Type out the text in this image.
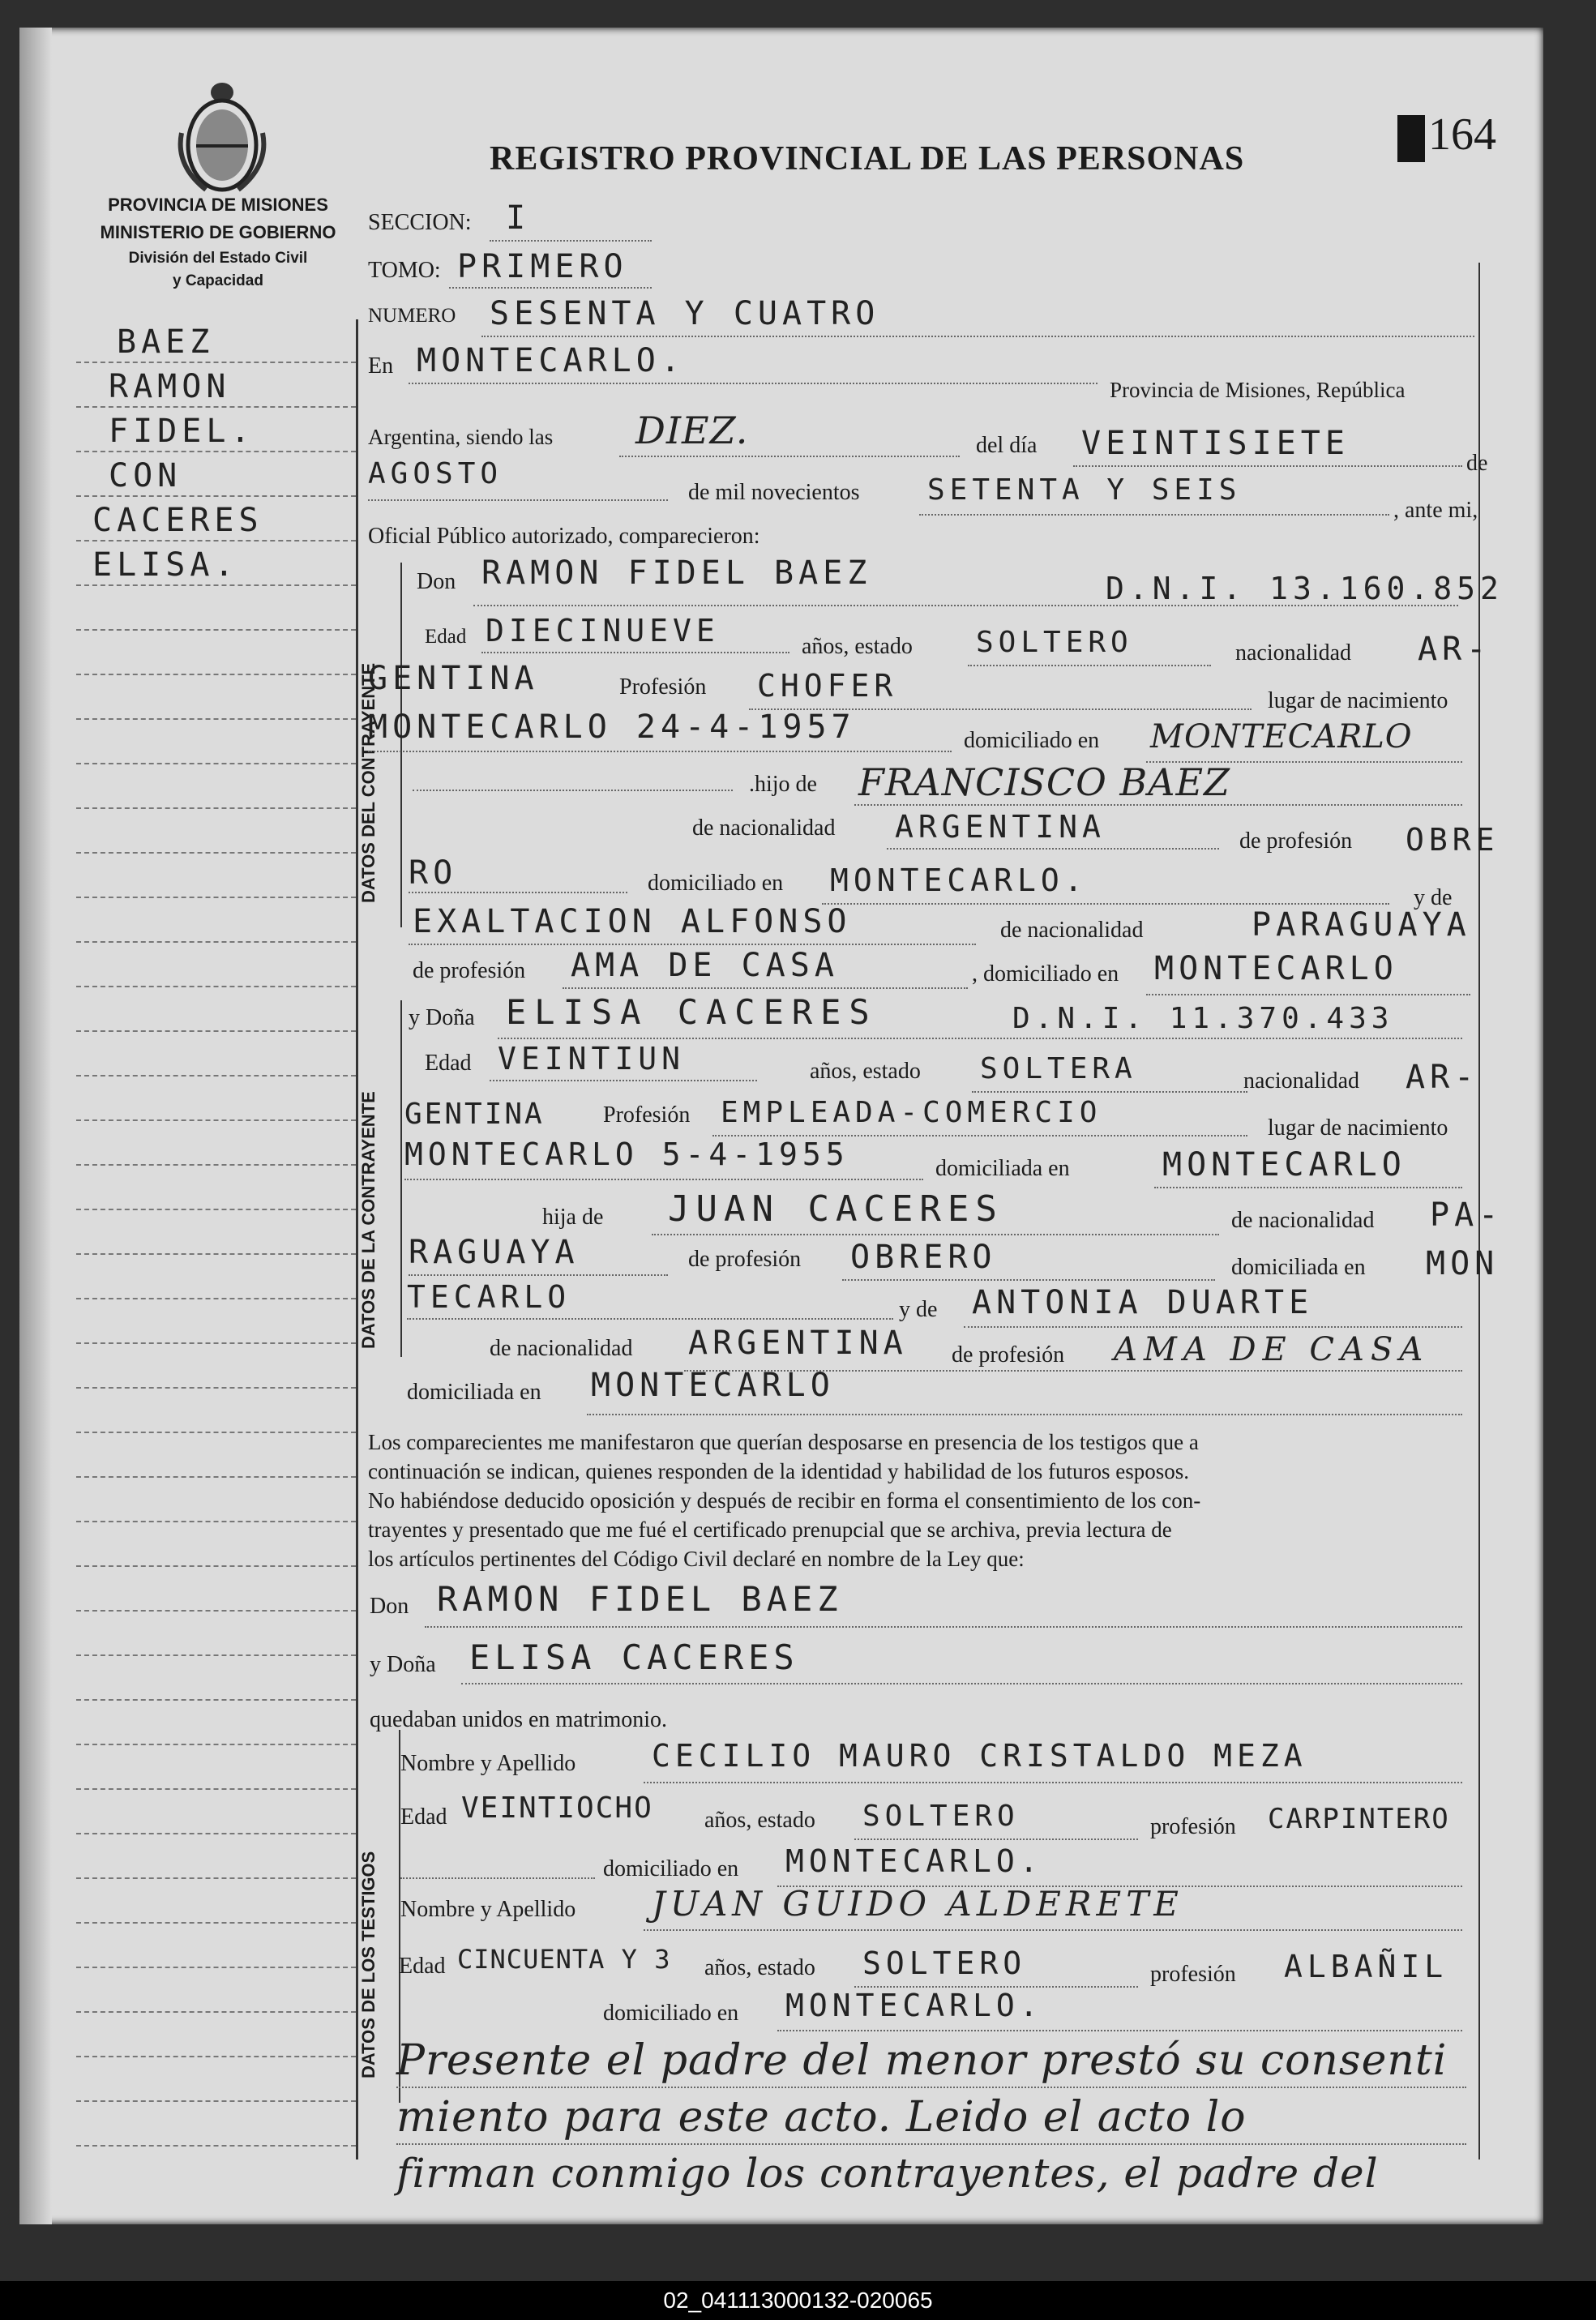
REGISTRO PROVINCIAL DE LAS PERSONAS	164
PROVINCIA DE MISIONES
MINISTERIO DE GOBIERNO
División del Estado Civil
y Capacidad
BAEZ
RAMON
FIDEL.
CON
CACERES
ELISA.
DATOS DEL CONTRAYENTE
DATOS DE LA CONTRAYENTE
DATOS DE LOS TESTIGOS
SECCION: I
TOMO: PRIMERO
NUMERO SESENTA Y CUATRO
En MONTECARLO.
Provincia de Misiones, República
Argentina, siendo las DIEZ.	del día VEINTISIETE
de
AGOSTO
de mil novecientos SETENTA Y SEIS
, ante mi,
Oficial Público autorizado, comparecieron:
Don RAMON FIDEL BAEZ	D.N.I. 13.160.852
Edad DIECINUEVE	años, estado SOLTERO	nacionalidad AR-
GENTINA	Profesión CHOFER	lugar de nacimiento
MONTECARLO 24-4-1957	domiciliado en MONTECARLO
.hijo de FRANCISCO BAEZ
de nacionalidad ARGENTINA	de profesión OBRE
RO	domiciliado en MONTECARLO.	y de
EXALTACION ALFONSO	de nacionalidad	PARAGUAYA
de profesión AMA DE CASA	, domiciliado en MONTECARLO
y Doña ELISA CACERES	D.N.I. 11.370.433
Edad VEINTIUN	años, estado SOLTERA	nacionalidad AR-
GENTINA	Profesión EMPLEADA-COMERCIO	lugar de nacimiento
MONTECARLO 5-4-1955	domiciliada en	MONTECARLO
hija de JUAN CACERES	de nacionalidad PA-
RAGUAYA	de profesión OBRERO	domiciliada en MON
TECARLO	y de ANTONIA DUARTE
de nacionalidad ARGENTINA de profesión AMA DE CASA
domiciliada en MONTECARLO
Los comparecientes me manifestaron que querían desposarse en presencia de los testigos que a
continuación se indican, quienes responden de la identidad y habilidad de los futuros esposos.
No habiéndose deducido oposición y después de recibir en forma el consentimiento de los con-
trayentes y presentado que me fué el certificado prenupcial que se archiva, previa lectura de
los artículos pertinentes del Código Civil declaré en nombre de la Ley que:
Don RAMON FIDEL BAEZ
y Doña ELISA CACERES
quedaban unidos en matrimonio.
Nombre y Apellido CECILIO MAURO CRISTALDO MEZA
Edad VEINTIOCHO años, estado SOLTERO	profesión CARPINTERO
domiciliado en MONTECARLO.
Nombre y Apellido JUAN GUIDO ALDERETE
Edad CINCUENTA Y 3 años, estado SOLTERO	profesión ALBAÑIL
domiciliado en MONTECARLO.
Presente el padre del menor prestó su consenti
miento para este acto. Leido el acto lo
firman conmigo los contrayentes, el padre del
02_041113000132-020065
